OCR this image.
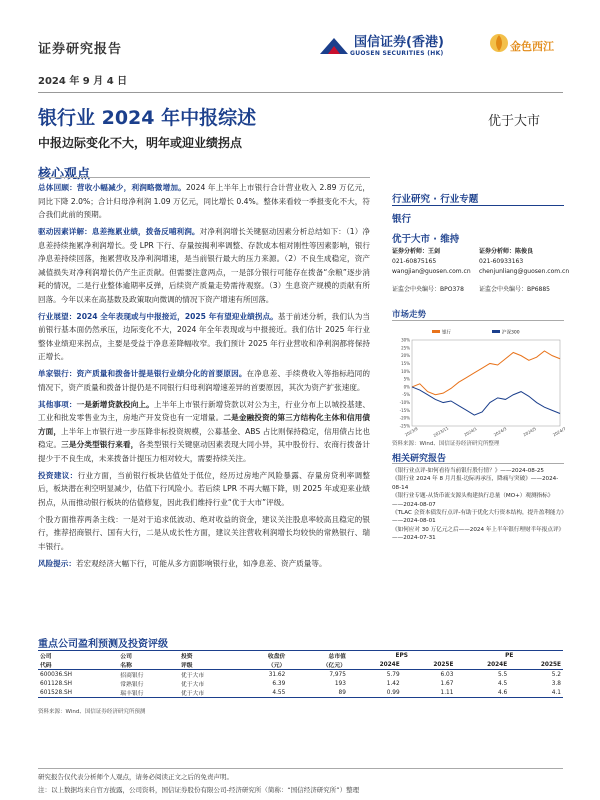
证券研究报告
2024 年 9 月 4 日
国信证券(香港)
GUOSEN SECURITIES (HK)	金色西江
银行业 2024 年中报综述	优于大市
中报边际变化不大，明年或迎业绩拐点
核心观点

总体回顾：营收小幅减少，利润略微增加。2024 年上半年上市银行合计营业收入 2.89 万亿元，同比下降 2.0%；合计归母净利润 1.09 万亿元，同比增长 0.4%。整体来看较一季报变化不大，符合我们此前的预期。

驱动因素详解：息差拖累业绩，拨备反哺利润。对净利润增长关键驱动因素分析总结如下：（1）净息差持续拖累净利润增长。受 LPR 下行、存量按揭利率调整、存款成本相对刚性等因素影响，银行净息差持续回落，拖累营收及净利润增速，是当前银行最大的压力来源。（2）不良生成稳定，资产减值损失对净利润增长仍产生正贡献。但需要注意两点，一是部分银行可能存在拨备“余粮”逐步消耗的情况，二是行业整体逾期率反弹，后续资产质量走势需待观察。（3）生息资产规模的贡献有所回落。今年以来在高基数及政策取向微调的情况下资产增速有所回落。

行业展望：2024 全年表现或与中报接近，2025 年有望迎业绩拐点。基于前述分析，我们认为当前银行基本面仍然承压，边际变化不大，2024 年全年表现或与中报接近。我们估计 2025 年行业整体业绩迎来拐点，主要是受益于净息差降幅收窄。我们预计 2025 年行业营收和净利润都将保持正增长。

单家银行：资产质量和拨备计提是银行业绩分化的首要原因。在净息差、手续费收入等指标趋同的情况下，资产质量和拨备计提仍是不同银行归母利润增速差异的首要原因，其次为资产扩张速度。

其他事项：一是新增贷款投向上。上半年上市银行新增贷款以对公为主，行业分布上以城投基建、工业和批发零售业为主，房地产开发贷也有一定增量。二是金融投资的第三方结构化主体和信用债方面，上半年上市银行进一步压降非标投资规模，公募基金、ABS 占比则保持稳定，信用债占比也稳定。三是分类型银行来看，各类型银行关键驱动因素表现大同小异，其中股份行、农商行拨备计提少于不良生成，未来拨备计提压力相对较大，需要持续关注。

投资建议：行业方面，当前银行板块估值处于低位，经历过房地产风险暴露、存量房贷利率调整后，板块潜在利空明显减少，估值下行风险小。若后续 LPR 不再大幅下降，则 2025 年或迎来业绩拐点，从而推动银行板块的估值修复，因此我们维持行业“优于大市”评级。

个股方面推荐两条主线：一是对于追求低波动、绝对收益的资金，建议关注股息率较高且稳定的银行，推荐招商银行、国有大行，二是从成长性方面，建议关注营收利润增长均较快的常熟银行、瑞丰银行。

风险提示：若宏观经济大幅下行，可能从多方面影响银行业，如净息差、资产质量等。

行业研究 · 行业专题
银行
优于大市 · 维持
证券分析师：王剑
021-60875165
wangjian@guosen.com.cn
证监会中央编号：BPO378
证券分析师：陈俊良
021-60933163
chenjunliang@guosen.com.cn
证监会中央编号：BP6885
市场走势
30%
25%
20%
15%
10%
5%
0%
-5%
-10%
-15%
-20%
-25%
2023/9	2023/11	2024/1	2024/3	2024/5	2024/7
银行	沪深300
资料来源：Wind、国信证券经济研究所整理
相关研究报告
《银行业点评-如何看待当前银行股行情？》——2024-08-25
《银行业 2024 年 8 月月报-边际再承压，降痛与突破》——2024-08-14
《银行业专题-从货币流支源头构建执行总量（MO+）观测指标》——2024-08-07
《TLAC 会资本债发行点评-有助于优化大行资本结构，提升盈利能力》——2024-08-01
《如何应对 30 万亿元之后——2024 年上半年银行理财半年报点评》——2024-07-31
重点公司盈利预测及投资评级
公司	公司	投资	收盘价	总市值	EPS		PE	
代码	名称	评级	（元）	（亿元）	2024E	2025E	2024E	2025E
600036.SH	招商银行	优于大市	31.62	7,975	5.79	6.03	5.5	5.2
601128.SH	常熟银行	优于大市	6.39	193	1.42	1.67	4.5	3.8
601528.SH	瑞丰银行	优于大市	4.55	89	0.99	1.11	4.6	4.1
资料来源：Wind、国信证券经济研究所预测
研究报告仅代表分析师个人观点，请务必阅读正文之后的免责声明。
注：以上数据均来自官方披露，公司资料，国信证券股份有限公司-经济研究所（简称：“国信经济研究所”）整理
